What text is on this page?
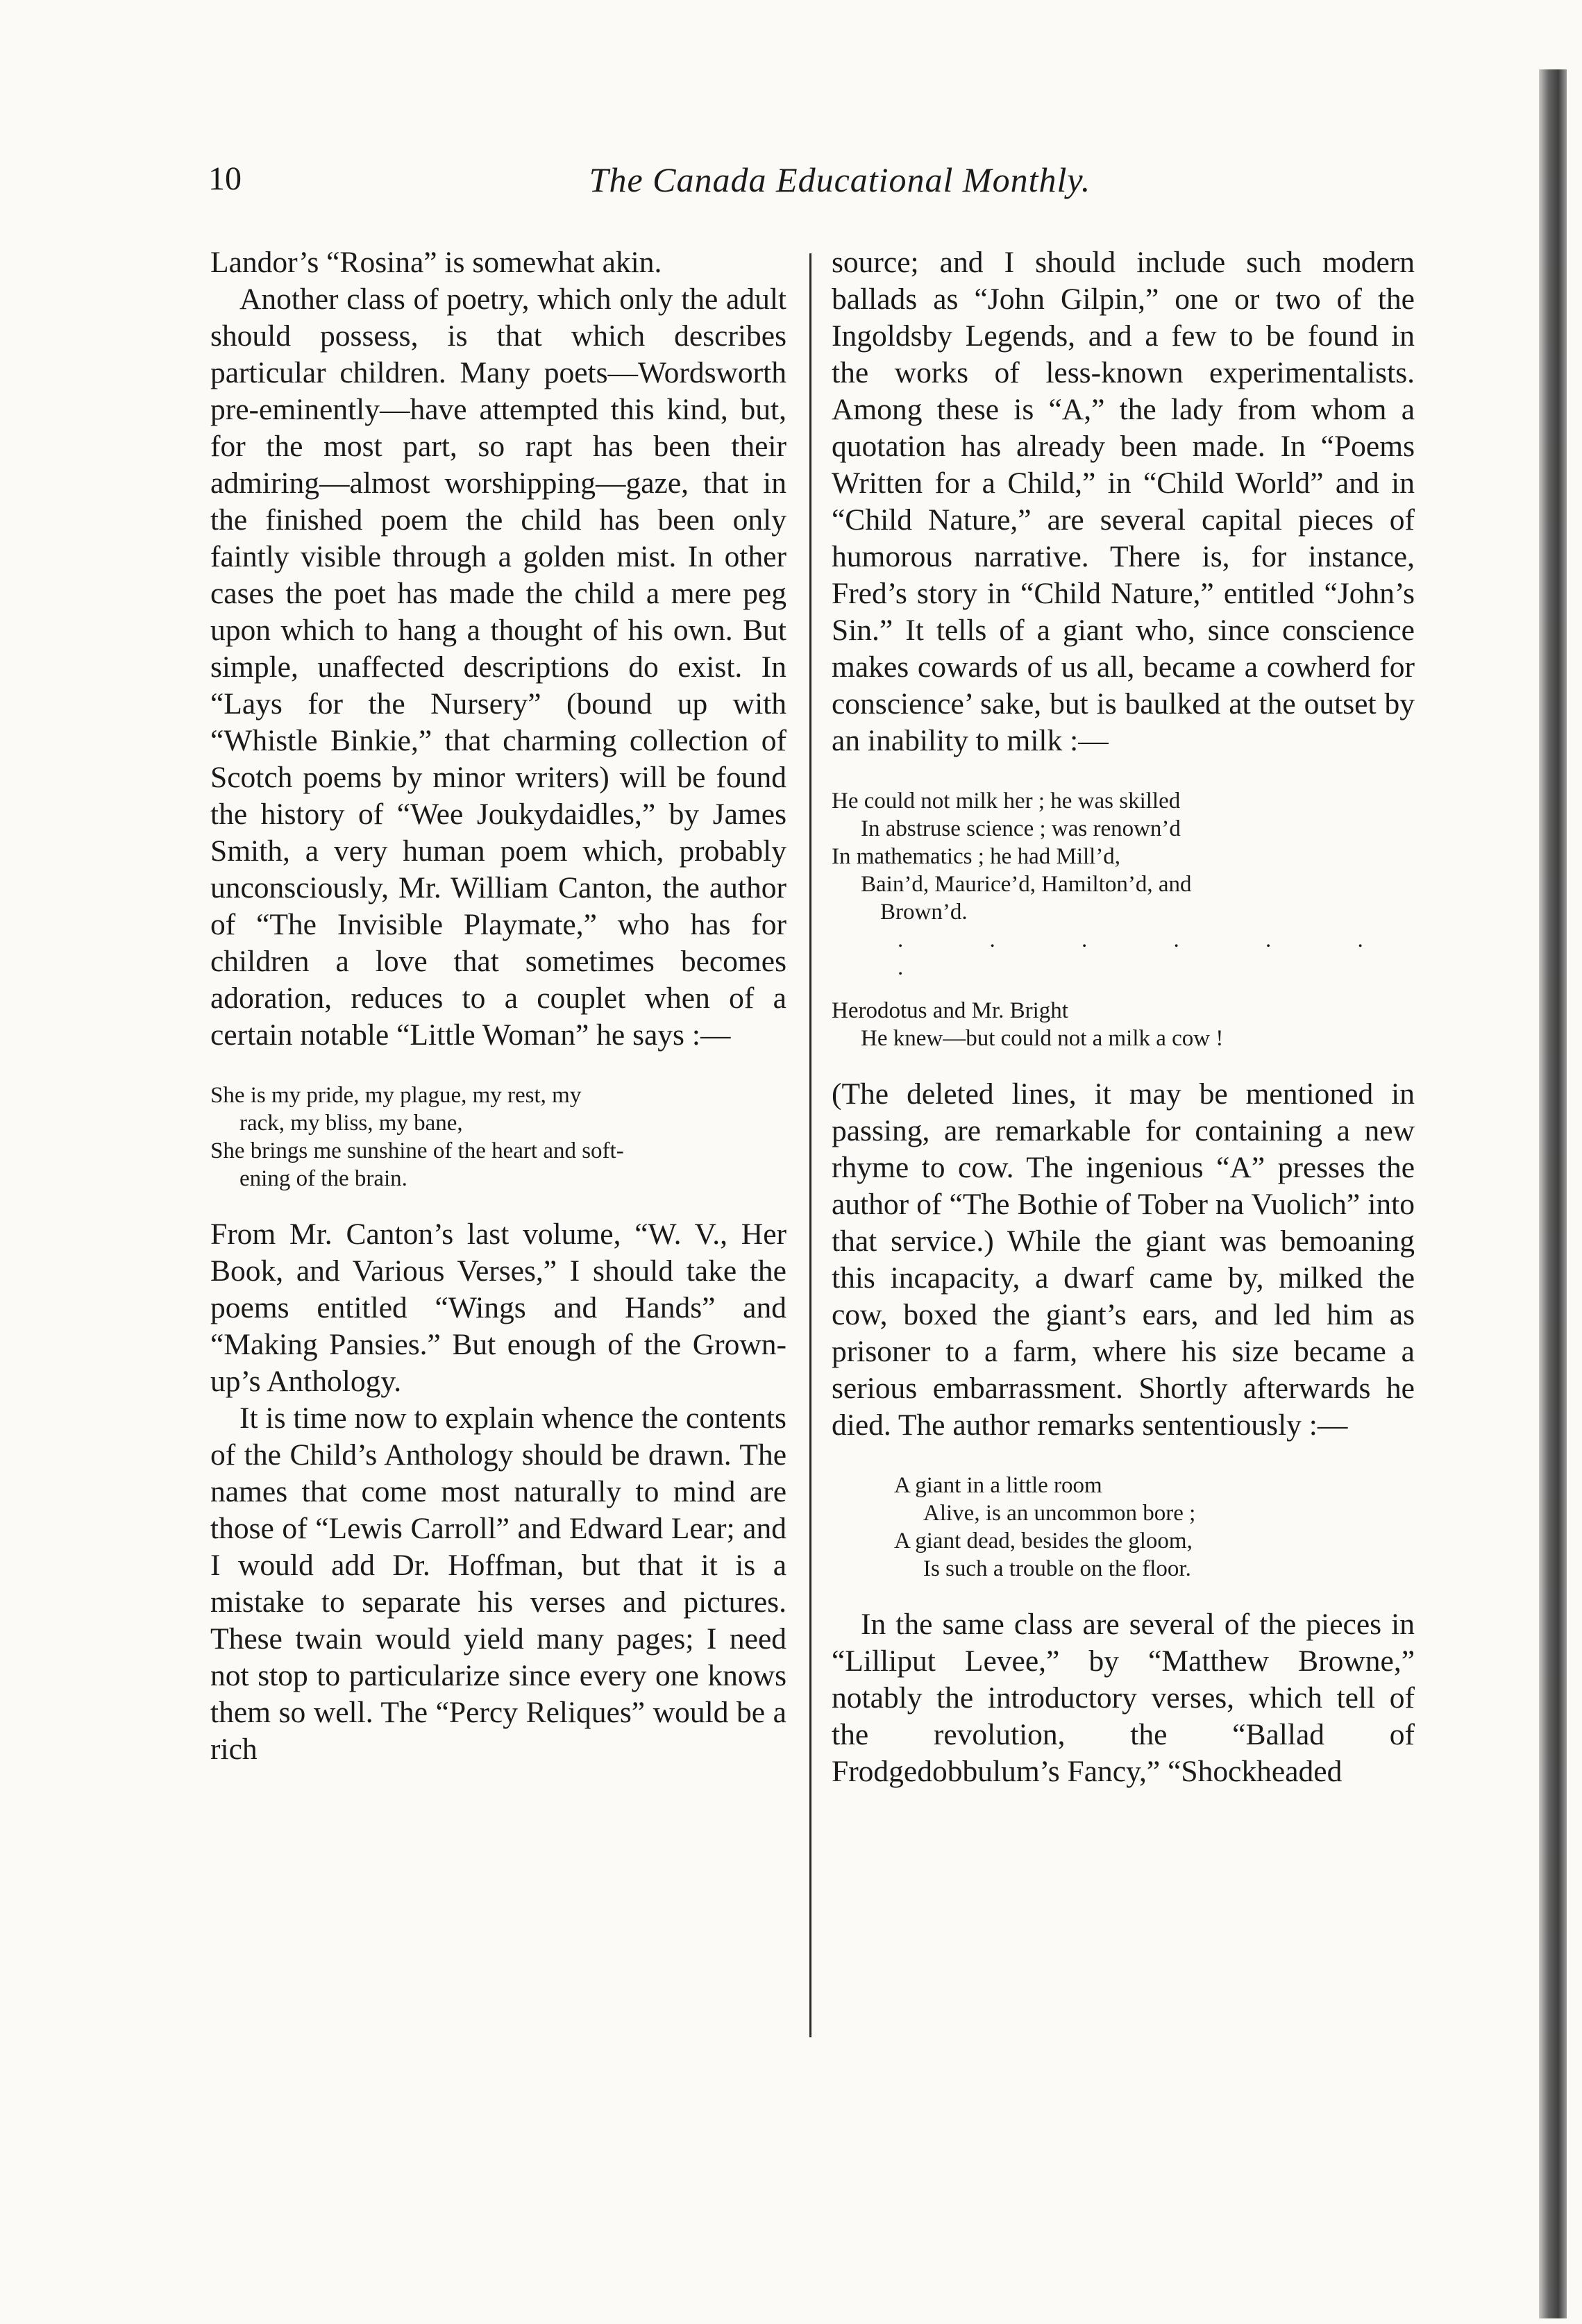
10	The Canada Educational Monthly.

Landor’s “Rosina” is somewhat akin.

Another class of poetry, which only the adult should possess, is that which describes particular children. Many poets—Wordsworth pre-eminently—have attempted this kind, but, for the most part, so rapt has been their admiring—almost worshipping—gaze, that in the finished poem the child has been only faintly visible through a golden mist. In other cases the poet has made the child a mere peg upon which to hang a thought of his own. But simple, unaffected descriptions do exist. In “Lays for the Nursery” (bound up with “Whistle Binkie,” that charming collection of Scotch poems by minor writers) will be found the history of “Wee Joukydaidles,” by James Smith, a very human poem which, probably unconsciously, Mr. William Canton, the author of “The Invisible Playmate,” who has for children a love that sometimes becomes adoration, reduces to a couplet when of a certain notable “Little Woman” he says :—

She is my pride, my plague, my rest, my
rack, my bliss, my bane,
She brings me sunshine of the heart and soft-
ening of the brain.

From Mr. Canton’s last volume, “W. V., Her Book, and Various Verses,” I should take the poems entitled “Wings and Hands” and “Making Pansies.” But enough of the Grown-up’s Anthology.

It is time now to explain whence the contents of the Child’s Anthology should be drawn. The names that come most naturally to mind are those of “Lewis Carroll” and Edward Lear; and I would add Dr. Hoffman, but that it is a mistake to separate his verses and pictures. These twain would yield many pages; I need not stop to particularize since every one knows them so well. The “Percy Reliques” would be a rich

source; and I should include such modern ballads as “John Gilpin,” one or two of the Ingoldsby Legends, and a few to be found in the works of less-known experimentalists. Among these is “A,” the lady from whom a quotation has already been made. In “Poems Written for a Child,” in “Child World” and in “Child Nature,” are several capital pieces of humorous narrative. There is, for instance, Fred’s story in “Child Nature,” entitled “John’s Sin.” It tells of a giant who, since conscience makes cowards of us all, became a cowherd for conscience’ sake, but is baulked at the outset by an inability to milk :—

He could not milk her ; he was skilled
In abstruse science ; was renown’d
In mathematics ; he had Mill’d,
Bain’d, Maurice’d, Hamilton’d, and
Brown’d.
. . . . . . .
Herodotus and Mr. Bright
He knew—but could not a milk a cow !

(The deleted lines, it may be mentioned in passing, are remarkable for containing a new rhyme to cow. The ingenious “A” presses the author of “The Bothie of Tober na Vuolich” into that service.) While the giant was bemoaning this incapacity, a dwarf came by, milked the cow, boxed the giant’s ears, and led him as prisoner to a farm, where his size became a serious embarrassment. Shortly afterwards he died. The author remarks sententiously :—

A giant in a little room
Alive, is an uncommon bore ;
A giant dead, besides the gloom,
Is such a trouble on the floor.

In the same class are several of the pieces in “Lilliput Levee,” by “Matthew Browne,” notably the introductory verses, which tell of the revolution, the “Ballad of Frodgedobbulum’s Fancy,” “Shockheaded
